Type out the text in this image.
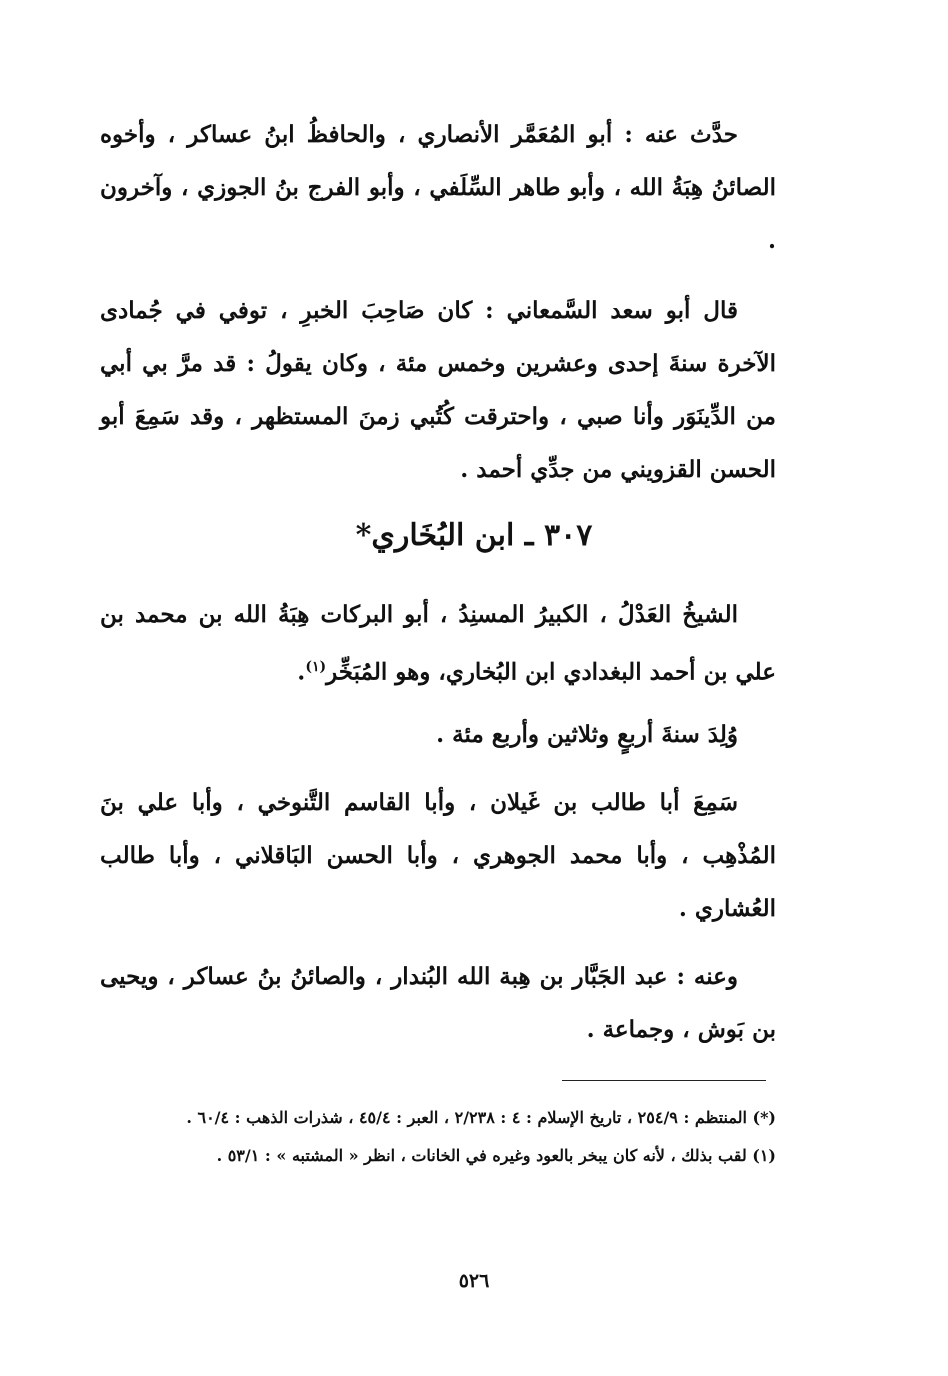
حدَّث عنه : أبو المُعَمَّر الأنصاري ، والحافظُ ابنُ عساكر ، وأخوه الصائنُ هِبَةُ الله ، وأبو طاهر السِّلَفي ، وأبو الفرج بنُ الجوزي ، وآخرون .

قال أبو سعد السَّمعاني : كان صَاحِبَ الخبرِ ، توفي في جُمادى الآخرة سنةَ إحدى وعشرين وخمس مئة ، وكان يقولُ : قد مرَّ بي أبي من الدِّينَوَر وأنا صبي ، واحترقت كُتُبي زمنَ المستظهر ، وقد سَمِعَ أبو الحسن القزويني من جدِّي أحمد .

٣٠٧ ـ ابن البُخَاري*

الشيخُ العَدْلُ ، الكبيرُ المسنِدُ ، أبو البركات هِبَةُ الله بن محمد بن علي بن أحمد البغدادي ابن البُخاري، وهو المُبَخِّر$^{(١)}$.

وُلِدَ سنةَ أربعٍ وثلاثين وأربع مئة .

سَمِعَ أبا طالب بن غَيلان ، وأبا القاسم التَّنوخي ، وأبا علي بنَ المُذْهِب ، وأبا محمد الجوهري ، وأبا الحسن البَاقلاني ، وأبا طالب العُشاري .

وعنه : عبد الجَبَّار بن هِبة الله البُندار ، والصائنُ بنُ عساكر ، ويحيى بن بَوش ، وجماعة .

(*) المنتظم : ٢٥٤/٩ ، تاريخ الإسلام : ٤ : ٢/٢٣٨ ، العبر : ٤٥/٤ ، شذرات الذهب : ٦٠/٤ .

(١) لقب بذلك ، لأنه كان يبخر بالعود وغيره في الخانات ، انظر « المشتبه » : ٥٣/١ .

٥٢٦
